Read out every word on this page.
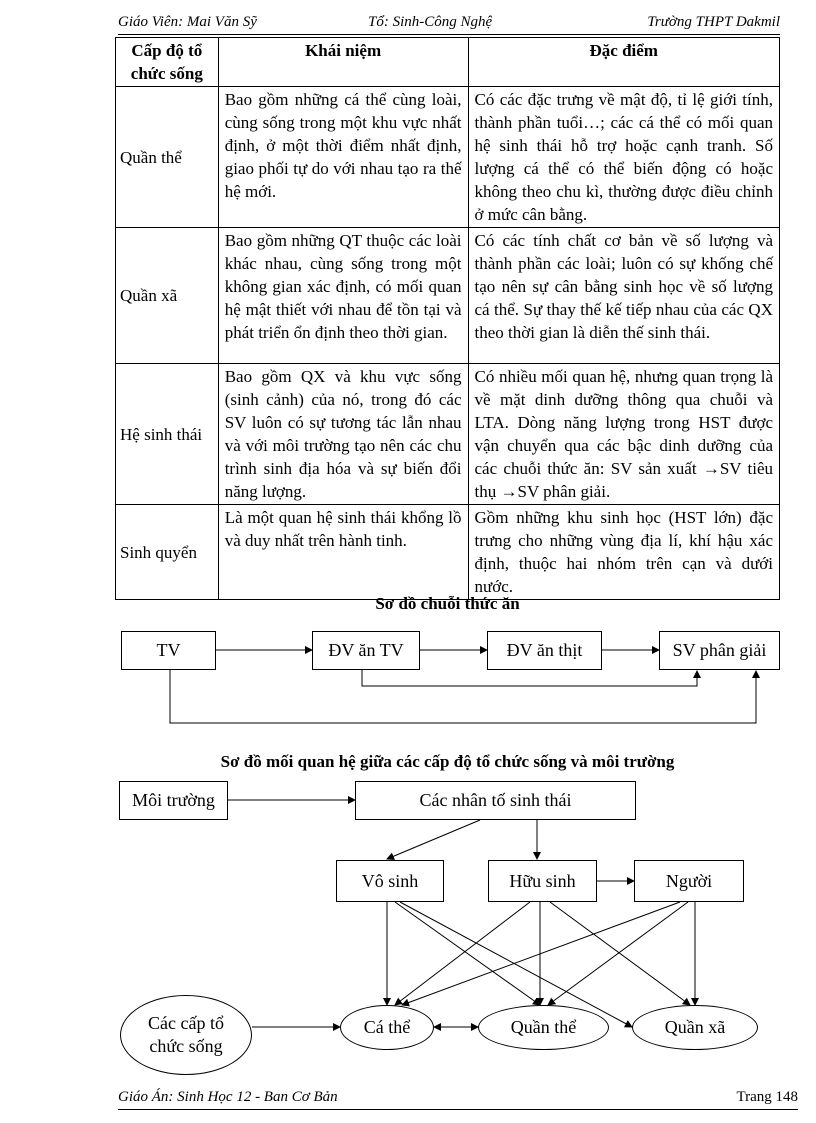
Giáo Viên: Mai Văn Sỹ	Tổ: Sinh-Công Nghệ	Trường THPT Dakmil
Cấp độ tổ chức sống	Khái niệm	Đặc điểm
Quần thể	Bao gồm những cá thể cùng loài, cùng sống trong một khu vực nhất định, ở một thời điểm nhất định, giao phối tự do với nhau tạo ra thế hệ mới.	Có các đặc trưng về mật độ, tỉ lệ giới tính, thành phần tuổi…; các cá thể có mối quan hệ sinh thái hỗ trợ hoặc cạnh tranh. Số lượng cá thể có thể biến động có hoặc không theo chu kì, thường được điều chỉnh ở mức cân bằng.
Quần xã	Bao gồm những QT thuộc các loài khác nhau, cùng sống trong một không gian xác định, có mối quan hệ mật thiết với nhau để tồn tại và phát triển ổn định theo thời gian.	Có các tính chất cơ bản về số lượng và thành phần các loài; luôn có sự khống chế tạo nên sự cân bằng sinh học về số lượng cá thể. Sự thay thế kế tiếp nhau của các QX theo thời gian là diễn thế sinh thái.
Hệ sinh thái	Bao gồm QX và khu vực sống (sinh cảnh) của nó, trong đó các SV luôn có sự tương tác lẫn nhau và với môi trường tạo nên các chu trình sinh địa hóa và sự biến đổi năng lượng.	Có nhiều mối quan hệ, nhưng quan trọng là về mặt dinh dưỡng thông qua chuỗi và LTA. Dòng năng lượng trong HST được vận chuyển qua các bậc dinh dưỡng của các chuỗi thức ăn: SV sản xuất →SV tiêu thụ →SV phân giải.
Sinh quyển	Là một quan hệ sinh thái khổng lồ và duy nhất trên hành tinh.	Gồm những khu sinh học (HST lớn) đặc trưng cho những vùng địa lí, khí hậu xác định, thuộc hai nhóm trên cạn và dưới nước.
Sơ đồ chuỗi thức ăn
TV	ĐV ăn TV	ĐV ăn thịt	SV phân giải
Sơ đồ mối quan hệ giữa các cấp độ tổ chức sống và môi trường
Môi trường	Các nhân tố sinh thái
Vô sinh	Hữu sinh	Người
Các cấp tổ chức sống
Cá thể	Quần thể	Quần xã
Giáo Án: Sinh Học 12 - Ban Cơ Bản	Trang 148
